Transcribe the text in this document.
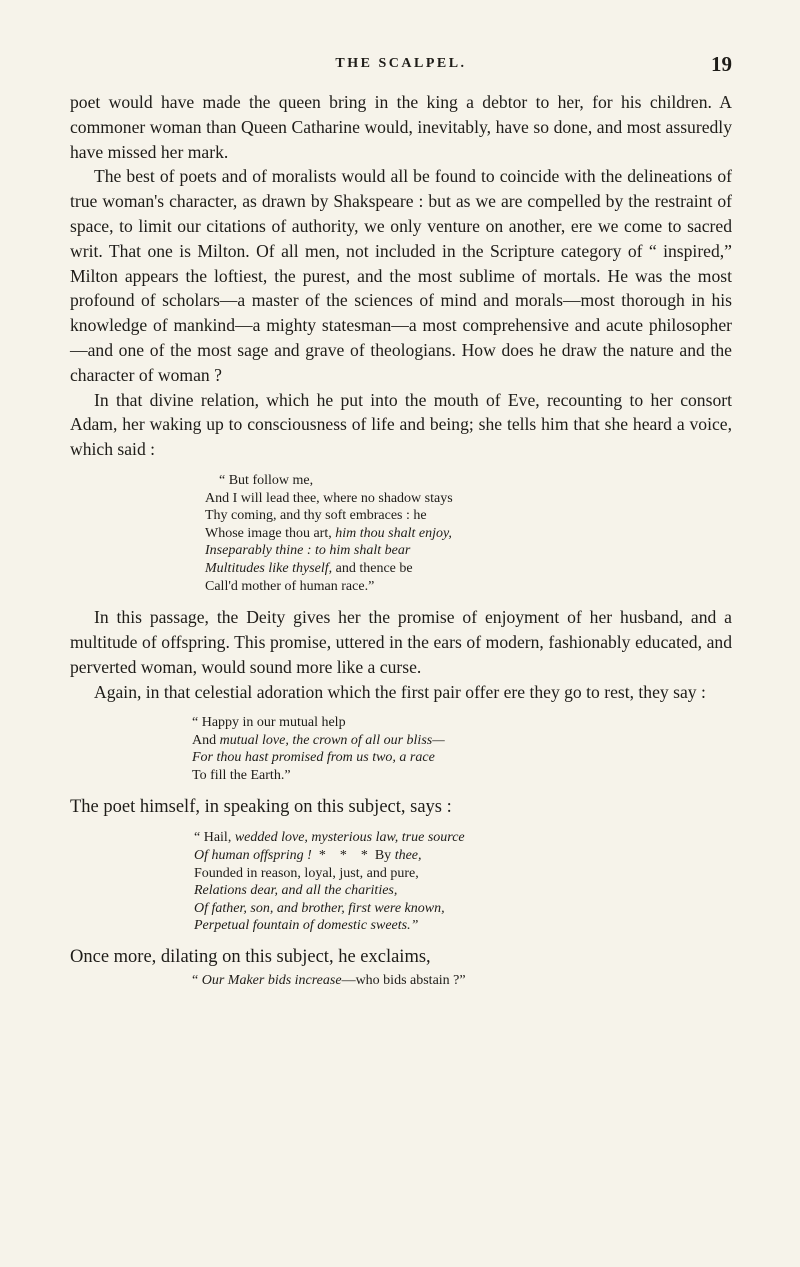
THE SCALPEL.	19

poet would have made the queen bring in the king a debtor to her, for his children. A commoner woman than Queen Catharine would, inevitably, have so done, and most assuredly have missed her mark.

The best of poets and of moralists would all be found to coincide with the delineations of true woman's character, as drawn by Shakspeare : but as we are compelled by the restraint of space, to limit our citations of authority, we only venture on another, ere we come to sacred writ. That one is Milton. Of all men, not included in the Scripture category of “ inspired,” Milton appears the loftiest, the purest, and the most sublime of mortals. He was the most profound of scholars—a master of the sciences of mind and morals—most thorough in his knowledge of mankind—a mighty statesman—a most comprehensive and acute philosopher—and one of the most sage and grave of theologians. How does he draw the nature and the character of woman ?

In that divine relation, which he put into the mouth of Eve, recounting to her consort Adam, her waking up to consciousness of life and being; she tells him that she heard a voice, which said :

“ But follow me,
And I will lead thee, where no shadow stays
Thy coming, and thy soft embraces : he
Whose image thou art, him thou shalt enjoy,
Inseparably thine : to him shalt bear
Multitudes like thyself, and thence be
Call'd mother of human race.”

In this passage, the Deity gives her the promise of enjoyment of her husband, and a multitude of offspring. This promise, uttered in the ears of modern, fashionably educated, and perverted woman, would sound more like a curse.

Again, in that celestial adoration which the first pair offer ere they go to rest, they say :

“ Happy in our mutual help
And mutual love, the crown of all our bliss—
For thou hast promised from us two, a race
To fill the Earth.”

The poet himself, in speaking on this subject, says :

“ Hail, wedded love, mysterious law, true source
Of human offspring !  *    *    *  By thee,
Founded in reason, loyal, just, and pure,
Relations dear, and all the charities,
Of father, son, and brother, first were known,
Perpetual fountain of domestic sweets.”

Once more, dilating on this subject, he exclaims,

“ Our Maker bids increase—who bids abstain ?”
